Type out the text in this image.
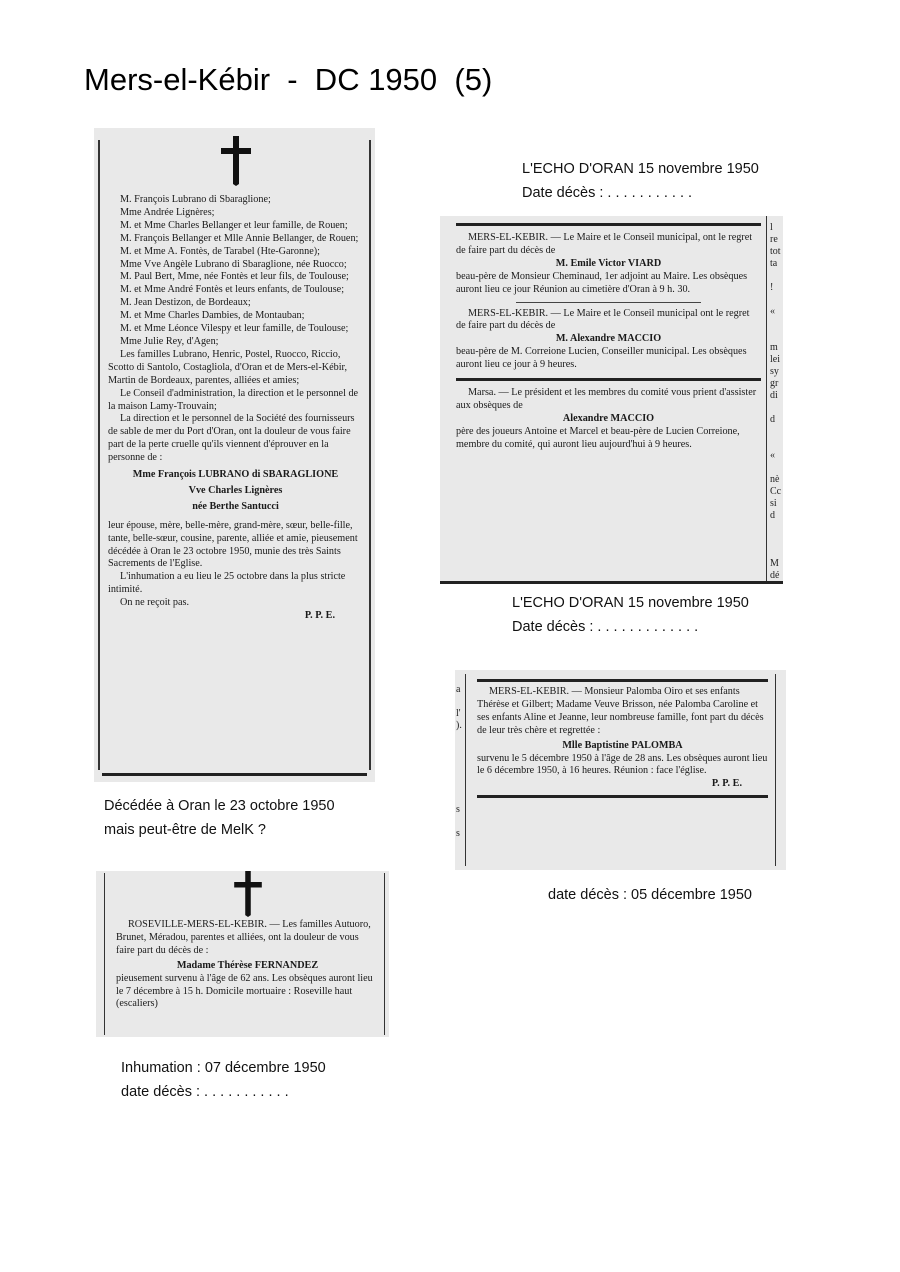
Mers-el-Kébir  -  DC 1950  (5)

M. François Lubrano di Sbaraglione;

Mme Andrée Lignères;

M. et Mme Charles Bellanger et leur famille, de Rouen;

M. François Bellanger et Mlle Annie Bellanger, de Rouen;

M. et Mme A. Fontès, de Tarabel (Hte-Garonne);

Mme Vve Angèle Lubrano di Sbaraglione, née Ruocco;

M. Paul Bert, Mme, née Fontès et leur fils, de Toulouse;

M. et Mme André Fontès et leurs enfants, de Toulouse;

M. Jean Destizon, de Bordeaux;

M. et Mme Charles Dambies, de Montauban;

M. et Mme Léonce Vilespy et leur famille, de Toulouse;

Mme Julie Rey, d'Agen;

Les familles Lubrano, Henric, Postel, Ruocco, Riccio, Scotto di Santolo, Costagliola, d'Oran et de Mers-el-Kébir, Martin de Bordeaux, parentes, alliées et amies;

Le Conseil d'administration, la direction et le personnel de la maison Lamy-Trouvain;

La direction et le personnel de la Société des fournisseurs de sable de mer du Port d'Oran, ont la douleur de vous faire part de la perte cruelle qu'ils viennent d'éprouver en la personne de :

Mme François LUBRANO di SBARAGLIONE

Vve Charles Lignères

née Berthe Santucci

leur épouse, mère, belle-mère, grand-mère, sœur, belle-fille, tante, belle-sœur, cousine, parente, alliée et amie, pieusement décédée à Oran le 23 octobre 1950, munie des très Saints Sacrements de l'Eglise.

L'inhumation a eu lieu le 25 octobre dans la plus stricte intimité.

On ne reçoit pas.

P. P. E.

Décédée à Oran le 23 octobre 1950
mais peut-être de MelK ?
L'ECHO D'ORAN 15 novembre 1950
Date décès : . . . . . . . . . . .
l
re
tot
ta

!

«

m
lei
sy
gr
di

d

«

nè
Cc
si
d

M
dé

MERS-EL-KEBIR. — Le Maire et le Conseil municipal, ont le regret de faire part du décès de

M. Emile Victor VIARD

beau-père de Monsieur Cheminaud, 1er adjoint au Maire. Les obsèques auront lieu ce jour Réunion au cimetière d'Oran à 9 h. 30.

MERS-EL-KEBIR. — Le Maire et le Conseil municipal ont le regret de faire part du décès de

M. Alexandre MACCIO

beau-père de M. Correione Lucien, Conseiller municipal. Les obsèques auront lieu ce jour à 9 heures.

Marsa. — Le président et les membres du comité vous prient d'assister aux obsèques de

Alexandre MACCIO

père des joueurs Antoine et Marcel et beau-père de Lucien Correione, membre du comité, qui auront lieu aujourd'hui à 9 heures.

L'ECHO D'ORAN 15 novembre 1950
Date décès : . . . . . . . . . . . . .
a

l'
).

s

s

MERS-EL-KEBIR. — Monsieur Palomba Oiro et ses enfants Thérèse et Gilbert; Madame Veuve Brisson, née Palomba Caroline et ses enfants Aline et Jeanne, leur nombreuse famille, font part du décès de leur très chère et regrettée :

Mlle Baptistine PALOMBA

survenu le 5 décembre 1950 à l'âge de 28 ans. Les obsèques auront lieu le 6 décembre 1950, à 16 heures. Réunion : face l'église.

P. P. E.

date décès : 05 décembre 1950

ROSEVILLE-MERS-EL-KEBIR. — Les familles Autuoro, Brunet, Méradou, parentes et alliées, ont la douleur de vous faire part du décès de :

Madame Thérèse FERNANDEZ

pieusement survenu à l'âge de 62 ans. Les obsèques auront lieu le 7 décembre à 15 h. Domicile mortuaire : Roseville haut (escaliers)

Inhumation : 07 décembre 1950
date décès : . . . . . . . . . . .
